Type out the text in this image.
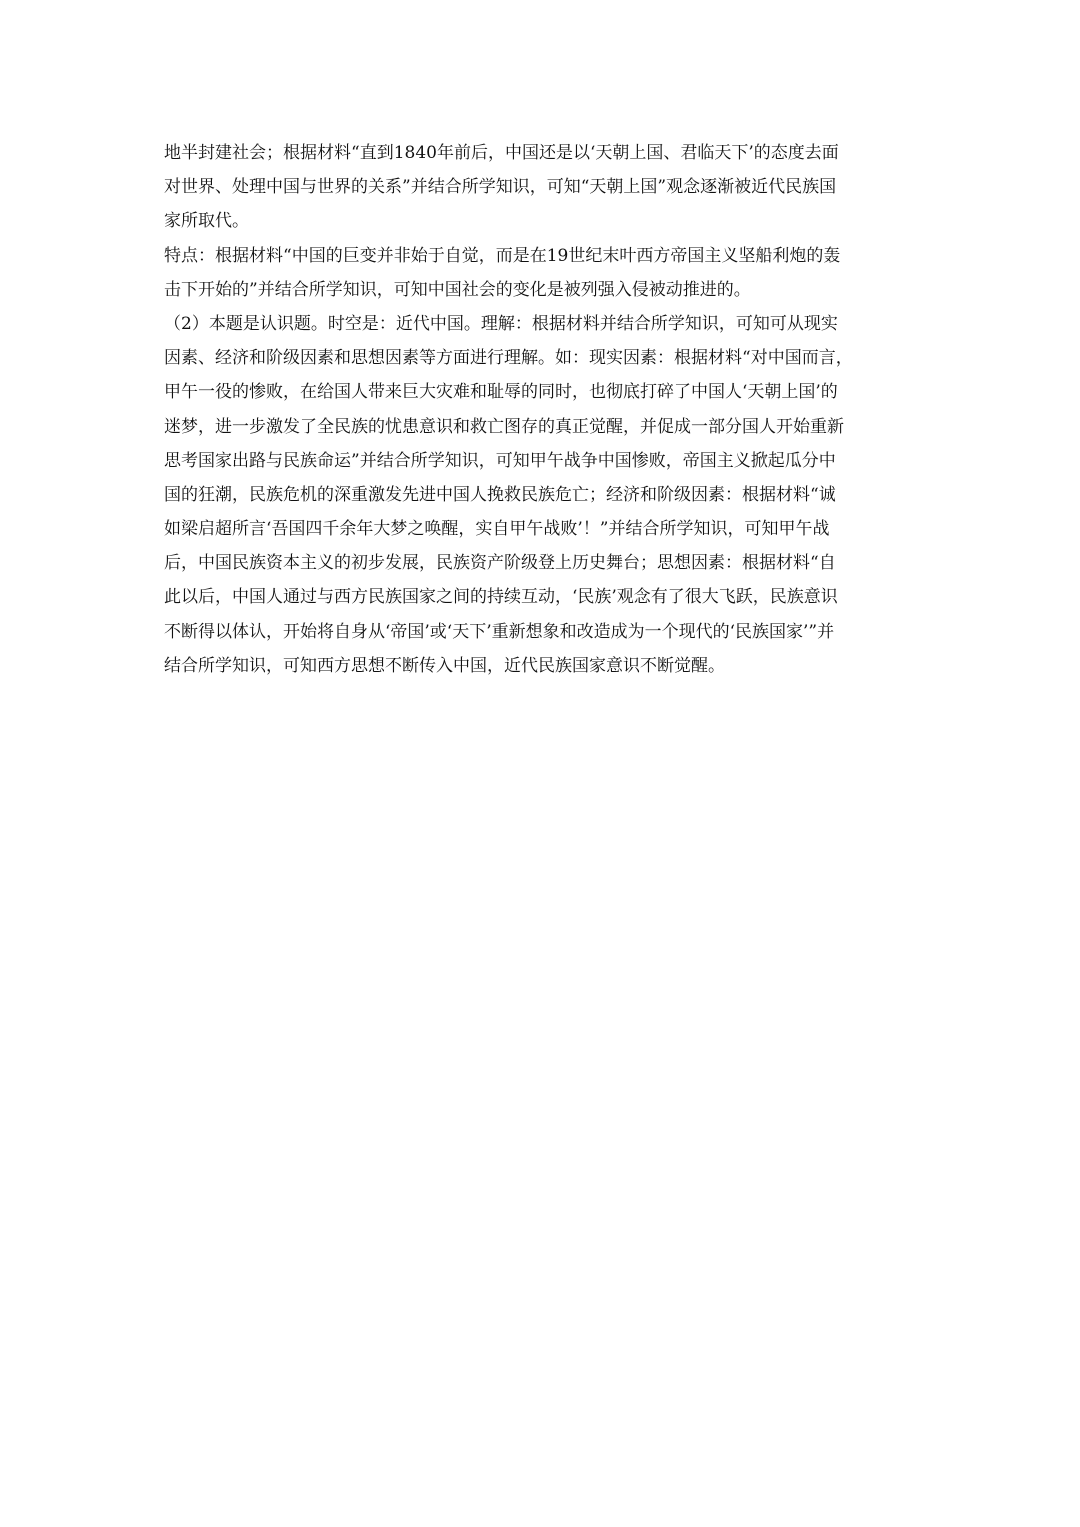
地半封建社会；根据材料“直到1840年前后，中国还是以‘天朝上国、君临天下’的态度去面
对世界、处理中国与世界的关系”并结合所学知识，可知“天朝上国”观念逐渐被近代民族国
家所取代。
特点：根据材料“中国的巨变并非始于自觉，而是在19世纪末叶西方帝国主义坚船利炮的轰
击下开始的”并结合所学知识，可知中国社会的变化是被列强入侵被动推进的。
（2）本题是认识题。时空是：近代中国。理解：根据材料并结合所学知识，可知可从现实
因素、经济和阶级因素和思想因素等方面进行理解。如：现实因素：根据材料“对中国而言，
甲午一役的惨败，在给国人带来巨大灾难和耻辱的同时，也彻底打碎了中国人‘天朝上国’的
迷梦，进一步激发了全民族的忧患意识和救亡图存的真正觉醒，并促成一部分国人开始重新
思考国家出路与民族命运”并结合所学知识，可知甲午战争中国惨败，帝国主义掀起瓜分中
国的狂潮，民族危机的深重激发先进中国人挽救民族危亡；经济和阶级因素：根据材料“诚
如梁启超所言‘吾国四千余年大梦之唤醒，实自甲午战败’！”并结合所学知识，可知甲午战
后，中国民族资本主义的初步发展，民族资产阶级登上历史舞台；思想因素：根据材料“自
此以后，中国人通过与西方民族国家之间的持续互动，‘民族’观念有了很大飞跃，民族意识
不断得以体认，开始将自身从‘帝国’或‘天下’重新想象和改造成为一个现代的‘民族国家’”并
结合所学知识，可知西方思想不断传入中国，近代民族国家意识不断觉醒。
